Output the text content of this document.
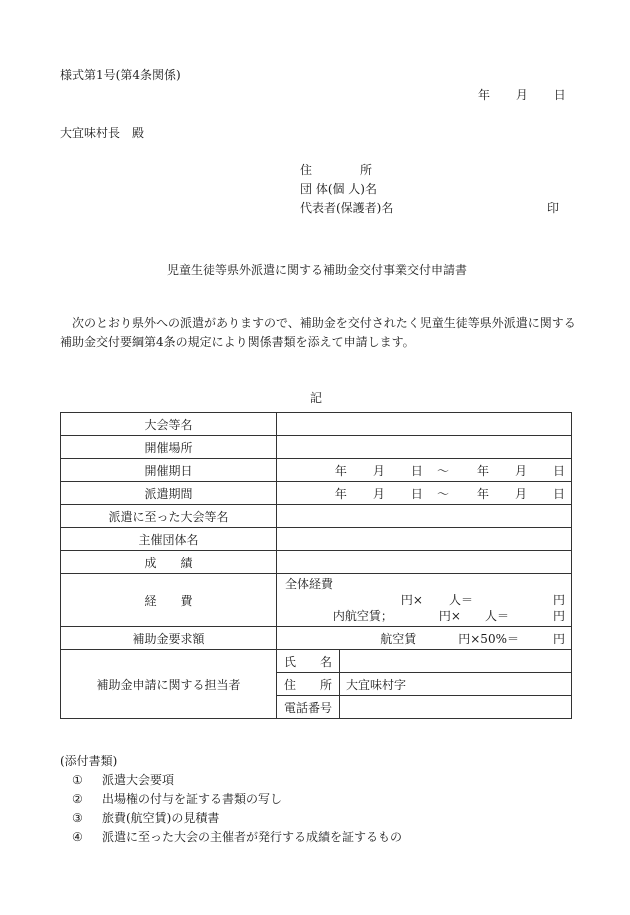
様式第1号(第4条関係)
年 月 日
大宜味村長　殿
住　　　　所
団 体(個 人)名
代表者(保護者)名	印
児童生徒等県外派遣に関する補助金交付事業交付申請書
次のとおり県外への派遣がありますので、補助金を交付されたく児童生徒等県外派遣に関する
補助金交付要綱第4条の規定により関係書類を添えて申請します。
記
大会等名	
開催場所	
開催期日	年 月 日 〜 年 月 日

派遣期間	年 月 日 〜 年 月 日

派遣に至った大会等名	
主催団体名	
成　　績	
経　　費	
全体経費
円× 人＝	円
内航空賃；	円× 人＝	円

補助金要求額	航空賃	円×50%＝	円

補助金申請に関する担当者	
氏　　名	
住　　所	大宜味村字
電話番号	
(添付書類)
①	派遣大会要項
②	出場権の付与を証する書類の写し
③	旅費(航空賃)の見積書
④	派遣に至った大会の主催者が発行する成績を証するもの
